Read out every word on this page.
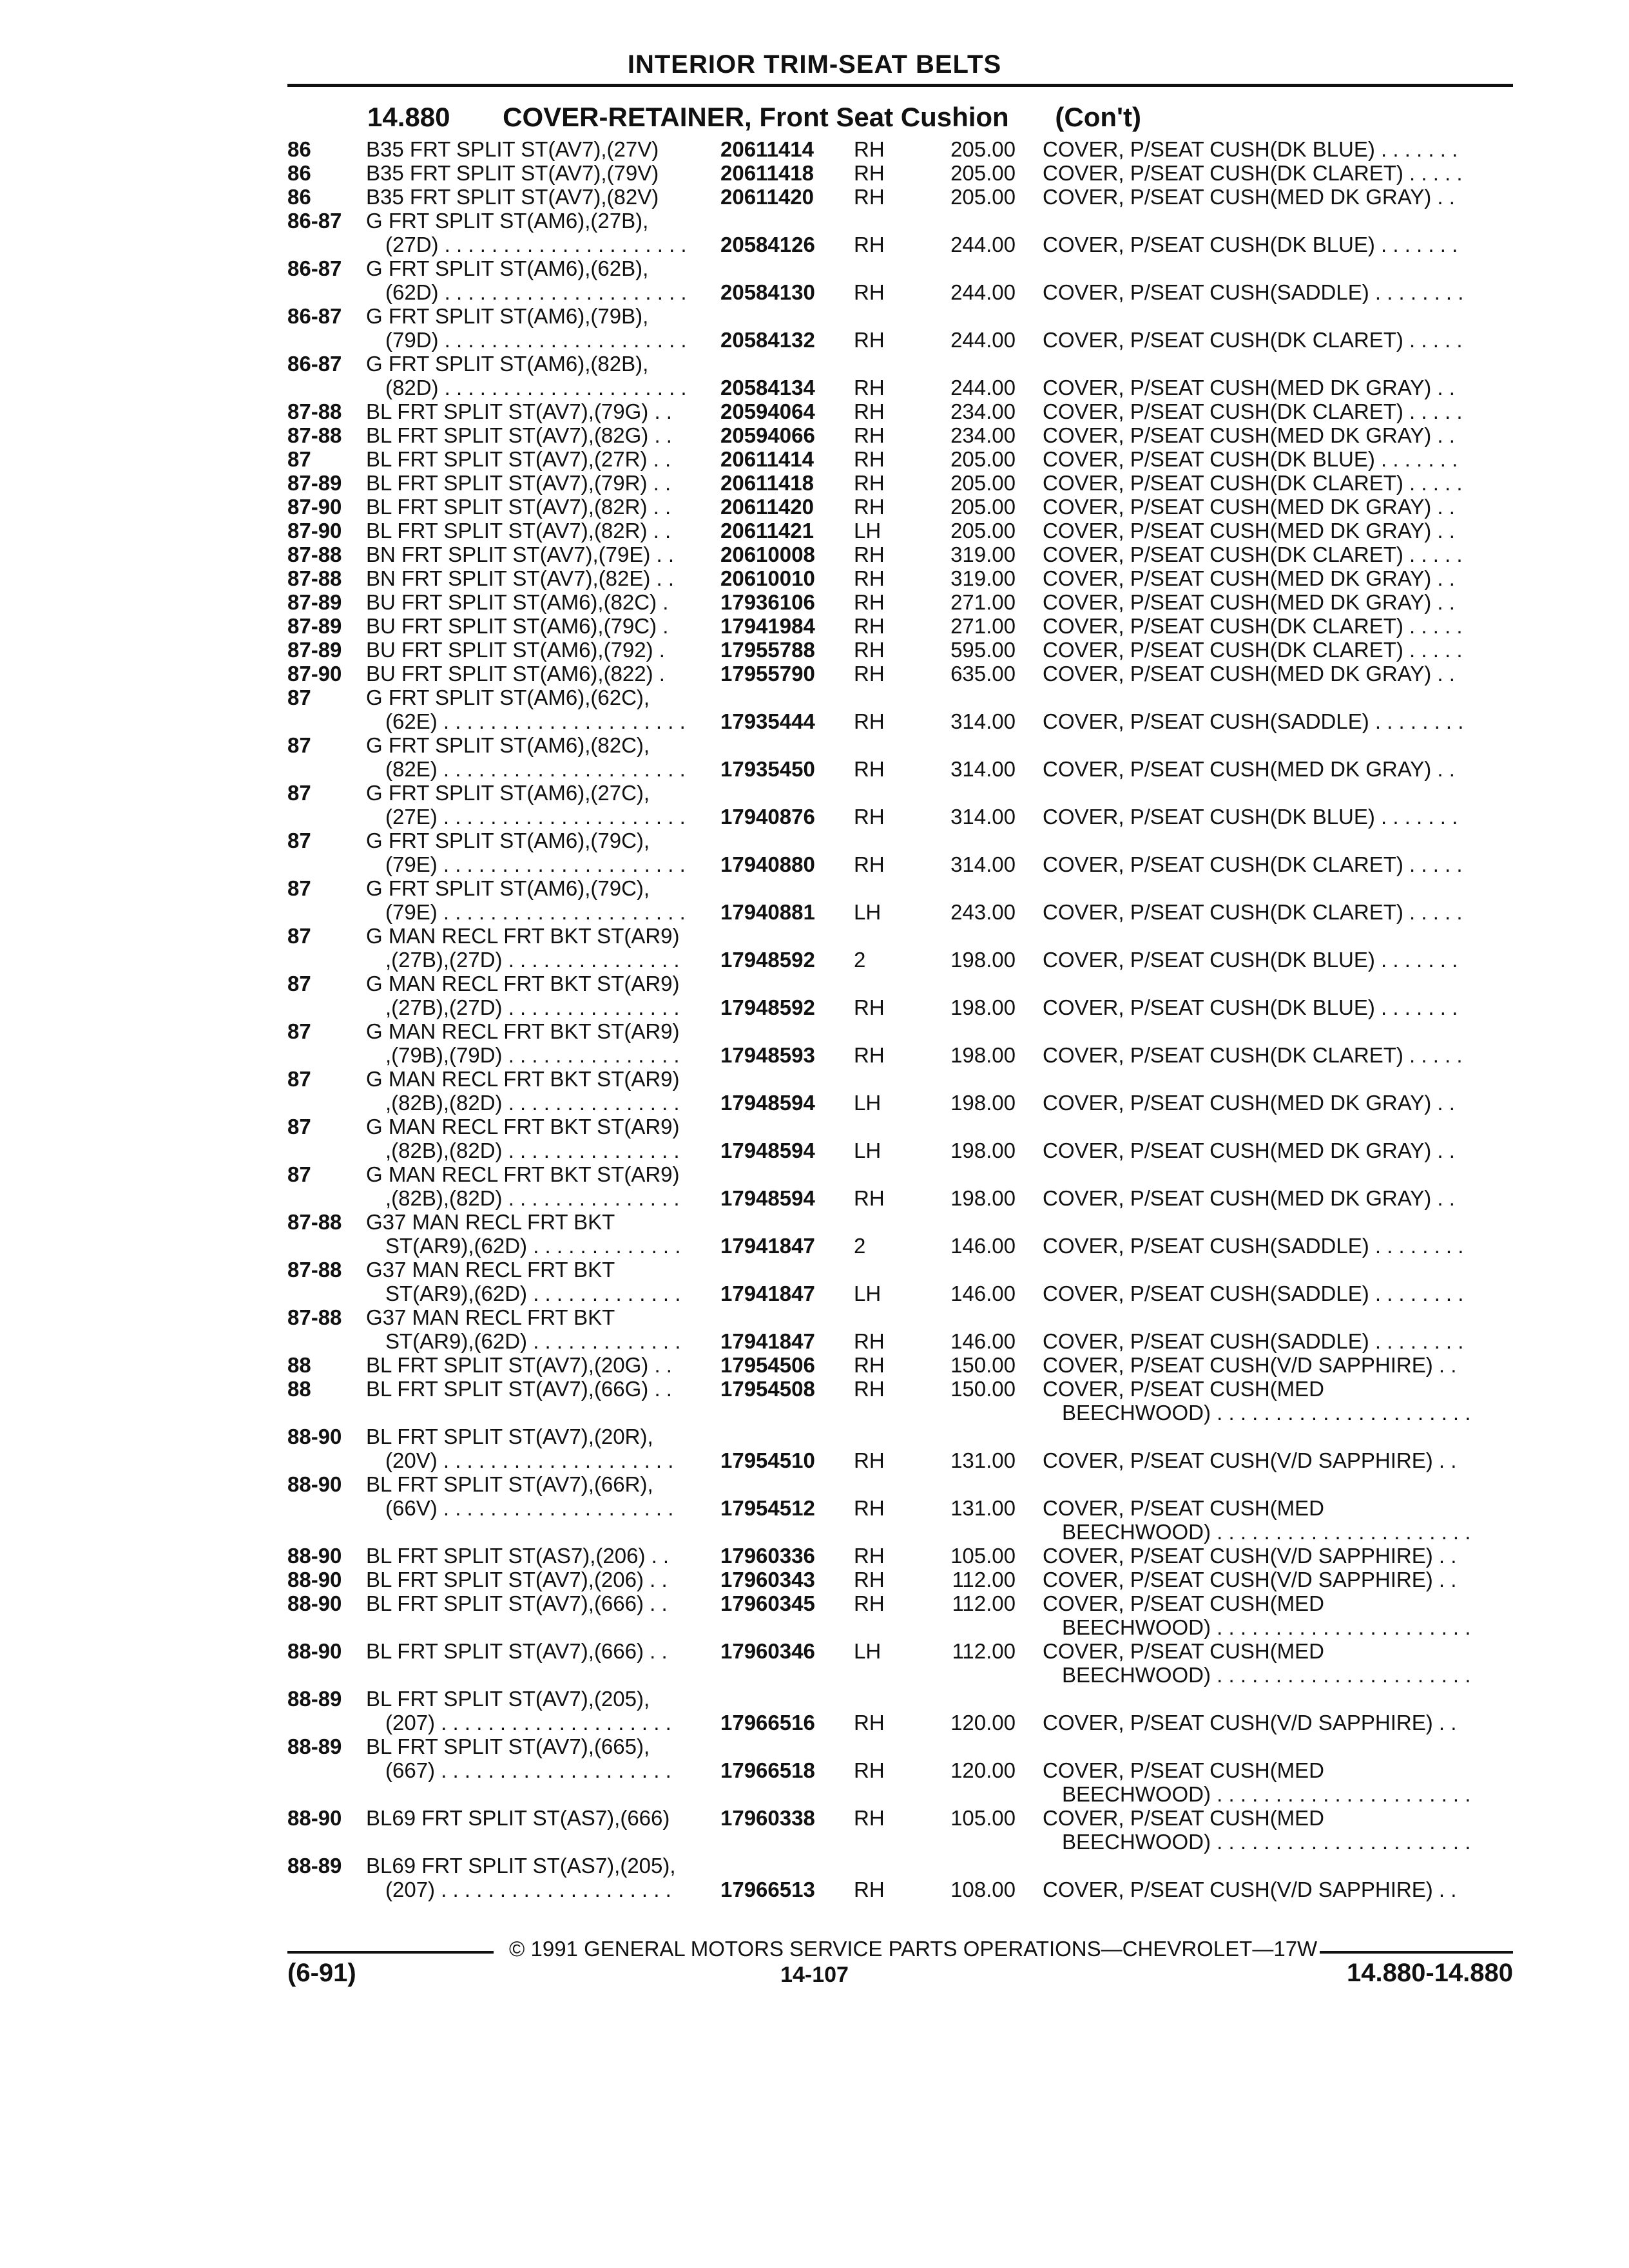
INTERIOR TRIM-SEAT BELTS
14.880 COVER-RETAINER, Front Seat Cushion (Con't)
86	B35 FRT SPLIT ST(AV7),(27V)	20611414 RH	205.00 COVER, P/SEAT CUSH(DK BLUE) . . . . . . .
86	B35 FRT SPLIT ST(AV7),(79V)	20611418 RH	205.00 COVER, P/SEAT CUSH(DK CLARET) . . . . .
86	B35 FRT SPLIT ST(AV7),(82V)	20611420 RH	205.00 COVER, P/SEAT CUSH(MED DK GRAY) . .
86-87 G FRT SPLIT ST(AM6),(27B),
(27D) . . . . . . . . . . . . . . . . . . . . .	20584126 RH	244.00 COVER, P/SEAT CUSH(DK BLUE) . . . . . . .
86-87 G FRT SPLIT ST(AM6),(62B),
(62D) . . . . . . . . . . . . . . . . . . . . .	20584130 RH	244.00 COVER, P/SEAT CUSH(SADDLE) . . . . . . . .
86-87 G FRT SPLIT ST(AM6),(79B),
(79D) . . . . . . . . . . . . . . . . . . . . .	20584132 RH	244.00 COVER, P/SEAT CUSH(DK CLARET) . . . . .
86-87 G FRT SPLIT ST(AM6),(82B),
(82D) . . . . . . . . . . . . . . . . . . . . .	20584134 RH	244.00 COVER, P/SEAT CUSH(MED DK GRAY) . .
87-88 BL FRT SPLIT ST(AV7),(79G) . .	20594064 RH	234.00 COVER, P/SEAT CUSH(DK CLARET) . . . . .
87-88 BL FRT SPLIT ST(AV7),(82G) . .	20594066 RH	234.00 COVER, P/SEAT CUSH(MED DK GRAY) . .
87	BL FRT SPLIT ST(AV7),(27R) . .	20611414 RH	205.00 COVER, P/SEAT CUSH(DK BLUE) . . . . . . .
87-89 BL FRT SPLIT ST(AV7),(79R) . .	20611418 RH	205.00 COVER, P/SEAT CUSH(DK CLARET) . . . . .
87-90 BL FRT SPLIT ST(AV7),(82R) . .	20611420 RH	205.00 COVER, P/SEAT CUSH(MED DK GRAY) . .
87-90 BL FRT SPLIT ST(AV7),(82R) . .	20611421 LH	205.00 COVER, P/SEAT CUSH(MED DK GRAY) . .
87-88 BN FRT SPLIT ST(AV7),(79E) . .	20610008 RH	319.00 COVER, P/SEAT CUSH(DK CLARET) . . . . .
87-88 BN FRT SPLIT ST(AV7),(82E) . .	20610010 RH	319.00 COVER, P/SEAT CUSH(MED DK GRAY) . .
87-89 BU FRT SPLIT ST(AM6),(82C) .	17936106 RH	271.00 COVER, P/SEAT CUSH(MED DK GRAY) . .
87-89 BU FRT SPLIT ST(AM6),(79C) .	17941984 RH	271.00 COVER, P/SEAT CUSH(DK CLARET) . . . . .
87-89 BU FRT SPLIT ST(AM6),(792) .	17955788 RH	595.00 COVER, P/SEAT CUSH(DK CLARET) . . . . .
87-90 BU FRT SPLIT ST(AM6),(822) .	17955790 RH	635.00 COVER, P/SEAT CUSH(MED DK GRAY) . .
87	G FRT SPLIT ST(AM6),(62C),
(62E) . . . . . . . . . . . . . . . . . . . . .	17935444 RH	314.00 COVER, P/SEAT CUSH(SADDLE) . . . . . . . .
87	G FRT SPLIT ST(AM6),(82C),
(82E) . . . . . . . . . . . . . . . . . . . . .	17935450 RH	314.00 COVER, P/SEAT CUSH(MED DK GRAY) . .
87	G FRT SPLIT ST(AM6),(27C),
(27E) . . . . . . . . . . . . . . . . . . . . .	17940876 RH	314.00 COVER, P/SEAT CUSH(DK BLUE) . . . . . . .
87	G FRT SPLIT ST(AM6),(79C),
(79E) . . . . . . . . . . . . . . . . . . . . .	17940880 RH	314.00 COVER, P/SEAT CUSH(DK CLARET) . . . . .
87	G FRT SPLIT ST(AM6),(79C),
(79E) . . . . . . . . . . . . . . . . . . . . .	17940881 LH	243.00 COVER, P/SEAT CUSH(DK CLARET) . . . . .
87	G MAN RECL FRT BKT ST(AR9)
,(27B),(27D) . . . . . . . . . . . . . . .	17948592 2	198.00 COVER, P/SEAT CUSH(DK BLUE) . . . . . . .
87	G MAN RECL FRT BKT ST(AR9)
,(27B),(27D) . . . . . . . . . . . . . . .	17948592 RH	198.00 COVER, P/SEAT CUSH(DK BLUE) . . . . . . .
87	G MAN RECL FRT BKT ST(AR9)
,(79B),(79D) . . . . . . . . . . . . . . .	17948593 RH	198.00 COVER, P/SEAT CUSH(DK CLARET) . . . . .
87	G MAN RECL FRT BKT ST(AR9)
,(82B),(82D) . . . . . . . . . . . . . . .	17948594 LH	198.00 COVER, P/SEAT CUSH(MED DK GRAY) . .
87	G MAN RECL FRT BKT ST(AR9)
,(82B),(82D) . . . . . . . . . . . . . . .	17948594 LH	198.00 COVER, P/SEAT CUSH(MED DK GRAY) . .
87	G MAN RECL FRT BKT ST(AR9)
,(82B),(82D) . . . . . . . . . . . . . . .	17948594 RH	198.00 COVER, P/SEAT CUSH(MED DK GRAY) . .
87-88 G37 MAN RECL FRT BKT
ST(AR9),(62D) . . . . . . . . . . . . .	17941847 2	146.00 COVER, P/SEAT CUSH(SADDLE) . . . . . . . .
87-88 G37 MAN RECL FRT BKT
ST(AR9),(62D) . . . . . . . . . . . . .	17941847 LH	146.00 COVER, P/SEAT CUSH(SADDLE) . . . . . . . .
87-88 G37 MAN RECL FRT BKT
ST(AR9),(62D) . . . . . . . . . . . . .	17941847 RH	146.00 COVER, P/SEAT CUSH(SADDLE) . . . . . . . .
88	BL FRT SPLIT ST(AV7),(20G) . .	17954506 RH	150.00 COVER, P/SEAT CUSH(V/D SAPPHIRE) . .
88	BL FRT SPLIT ST(AV7),(66G) . .	17954508 RH	150.00 COVER, P/SEAT CUSH(MED
BEECHWOOD) . . . . . . . . . . . . . . . . . . . . . .
88-90 BL FRT SPLIT ST(AV7),(20R),
(20V) . . . . . . . . . . . . . . . . . . . .	17954510 RH	131.00 COVER, P/SEAT CUSH(V/D SAPPHIRE) . .
88-90 BL FRT SPLIT ST(AV7),(66R),
(66V) . . . . . . . . . . . . . . . . . . . .	17954512 RH	131.00 COVER, P/SEAT CUSH(MED
BEECHWOOD) . . . . . . . . . . . . . . . . . . . . . .
88-90 BL FRT SPLIT ST(AS7),(206) . .	17960336 RH	105.00 COVER, P/SEAT CUSH(V/D SAPPHIRE) . .
88-90 BL FRT SPLIT ST(AV7),(206) . .	17960343 RH	112.00 COVER, P/SEAT CUSH(V/D SAPPHIRE) . .
88-90 BL FRT SPLIT ST(AV7),(666) . .	17960345 RH	112.00 COVER, P/SEAT CUSH(MED
BEECHWOOD) . . . . . . . . . . . . . . . . . . . . . .
88-90 BL FRT SPLIT ST(AV7),(666) . .	17960346 LH	112.00 COVER, P/SEAT CUSH(MED
BEECHWOOD) . . . . . . . . . . . . . . . . . . . . . .
88-89 BL FRT SPLIT ST(AV7),(205),
(207) . . . . . . . . . . . . . . . . . . . .	17966516 RH	120.00 COVER, P/SEAT CUSH(V/D SAPPHIRE) . .
88-89 BL FRT SPLIT ST(AV7),(665),
(667) . . . . . . . . . . . . . . . . . . . .	17966518 RH	120.00 COVER, P/SEAT CUSH(MED
BEECHWOOD) . . . . . . . . . . . . . . . . . . . . . .
88-90 BL69 FRT SPLIT ST(AS7),(666)	17960338 RH	105.00 COVER, P/SEAT CUSH(MED
BEECHWOOD) . . . . . . . . . . . . . . . . . . . . . .
88-89 BL69 FRT SPLIT ST(AS7),(205),
(207) . . . . . . . . . . . . . . . . . . . .	17966513 RH	108.00 COVER, P/SEAT CUSH(V/D SAPPHIRE) . .
© 1991 GENERAL MOTORS SERVICE PARTS OPERATIONS—CHEVROLET—17W
(6-91)	14-107	14.880-14.880
